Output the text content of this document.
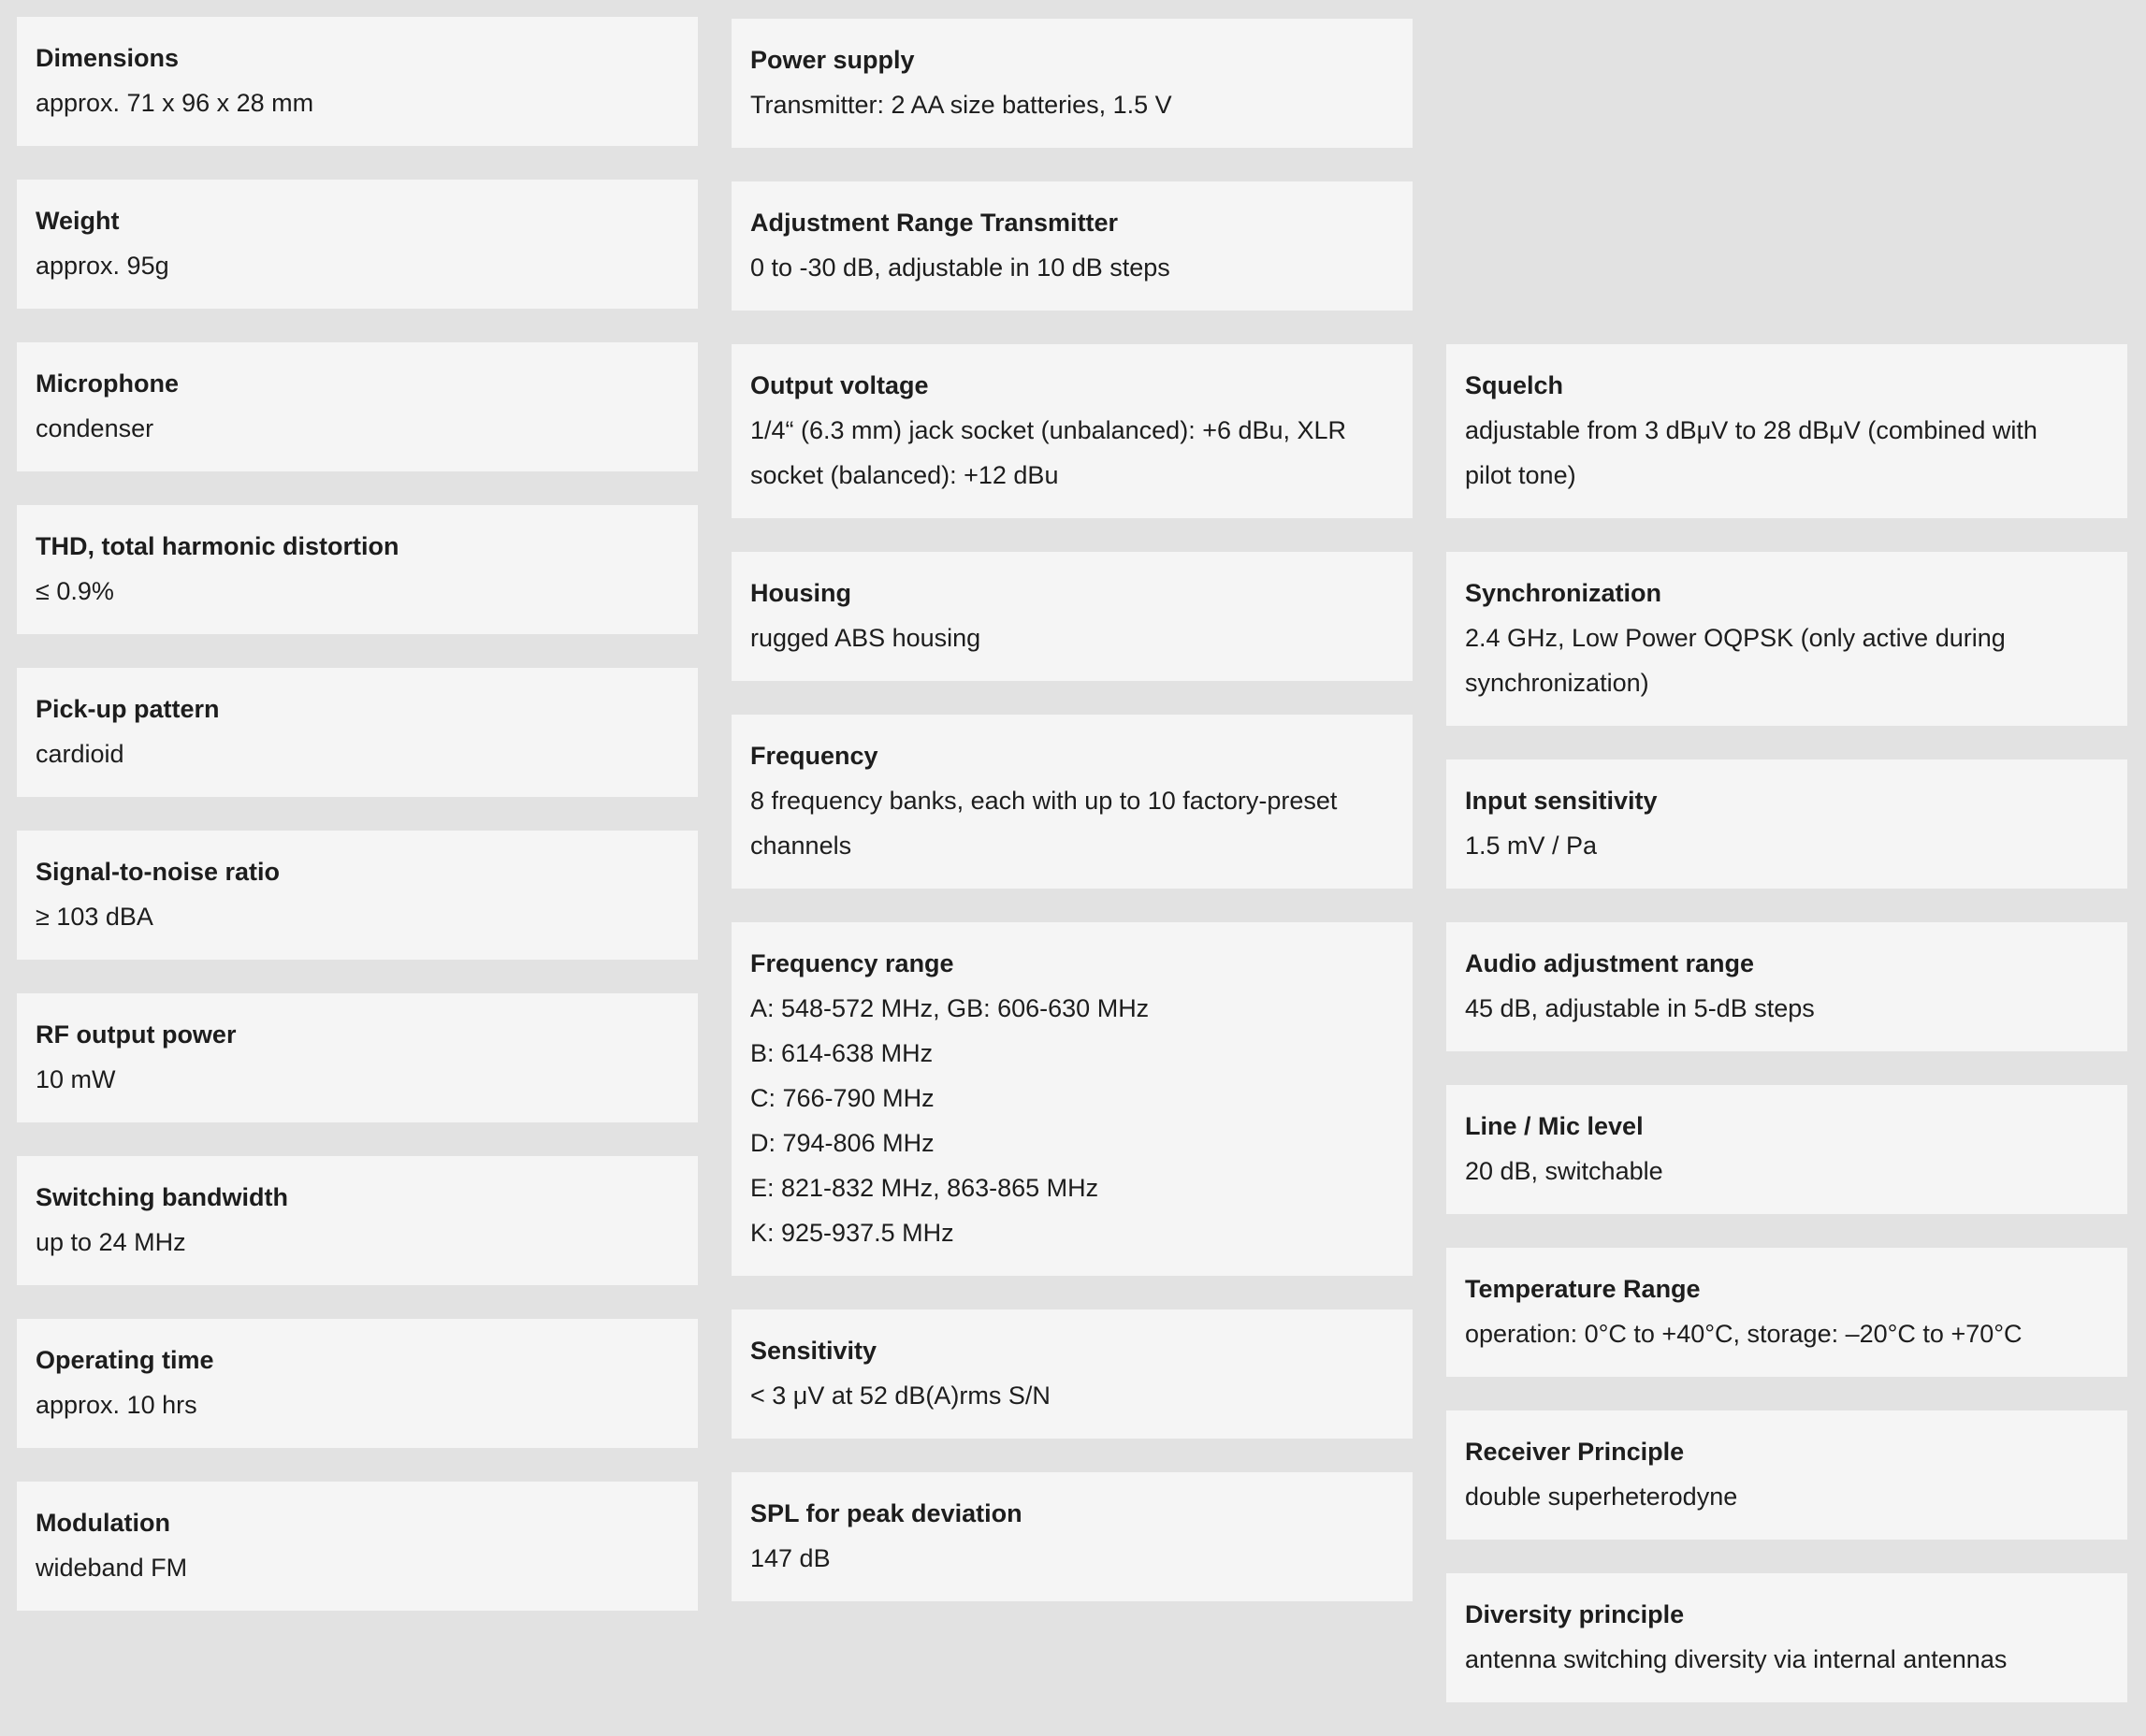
Dimensions
approx. 71 x 96 x 28 mm
Weight
approx. 95g
Power supply
Transmitter: 2 AA size batteries, 1.5 V
Adjustment Range Transmitter
0 to -30 dB, adjustable in 10 dB steps
Microphone
condenser
THD, total harmonic distortion
≤ 0.9%
Pick-up pattern
cardioid
Signal-to-noise ratio
≥ 103 dBA
RF output power
10 mW
Switching bandwidth
up to 24 MHz
Operating time
approx. 10 hrs
Modulation
wideband FM
Output voltage
1/4“ (6.3 mm) jack socket (unbalanced): +6 dBu, XLR
socket (balanced): +12 dBu
Housing
rugged ABS housing
Frequency
8 frequency banks, each with up to 10 factory-preset
channels
Frequency range
A: 548-572 MHz, GB: 606-630 MHz
B: 614-638 MHz
C: 766-790 MHz
D: 794-806 MHz
E: 821-832 MHz, 863-865 MHz
K: 925-937.5 MHz
Sensitivity
< 3 μV at 52 dB(A)rms S/N
SPL for peak deviation
147 dB
Squelch
adjustable from 3 dBμV to 28 dBμV (combined with
pilot tone)
Synchronization
2.4 GHz, Low Power OQPSK (only active during
synchronization)
Input sensitivity
1.5 mV / Pa
Audio adjustment range
45 dB, adjustable in 5-dB steps
Line / Mic level
20 dB, switchable
Temperature Range
operation: 0°C to +40°C, storage: –20°C to +70°C
Receiver Principle
double superheterodyne
Diversity principle
antenna switching diversity via internal antennas
